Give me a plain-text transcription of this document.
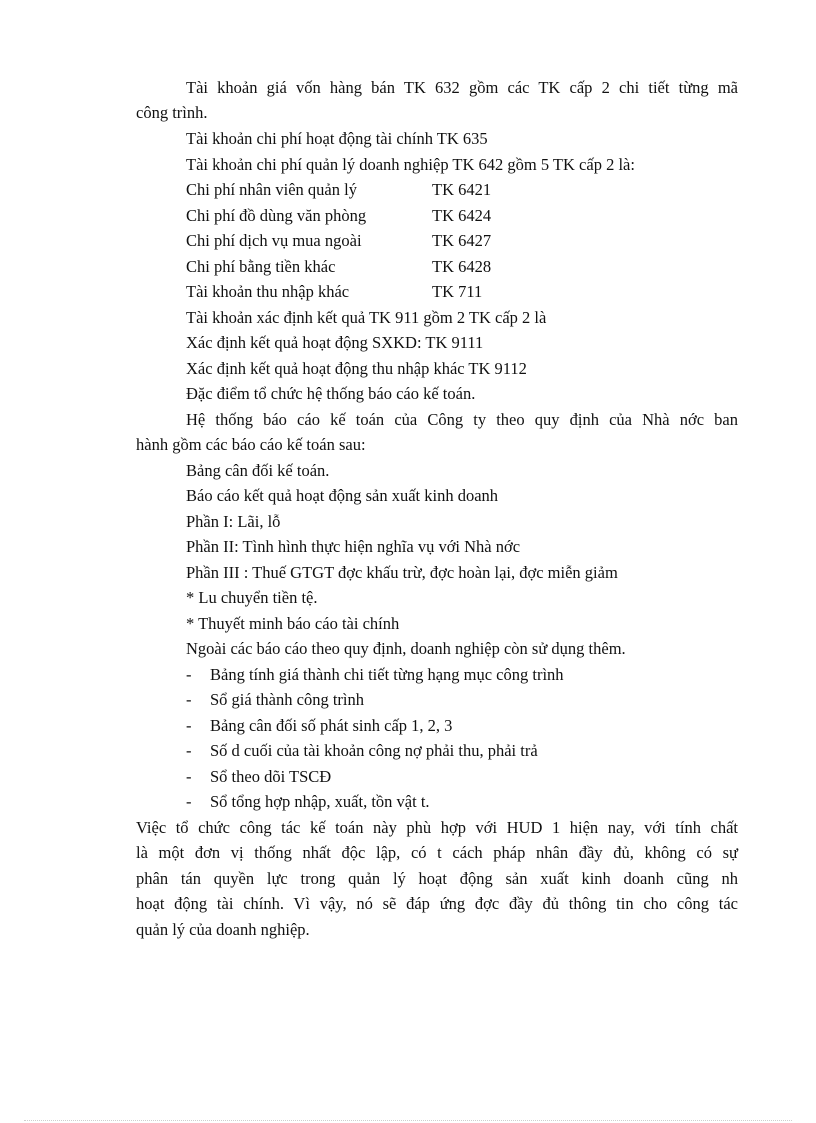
Tài khoản giá vốn hàng bán TK 632 gồm các TK cấp 2 chi tiết từng mã
công trình.
Tài khoản chi phí hoạt động tài chính TK 635
Tài khoản chi phí quản lý doanh nghiệp TK 642 gồm 5 TK cấp 2 là:
Chi phí nhân viên quản lý	TK 6421
Chi phí đồ dùng văn phòng	TK 6424
Chi phí dịch vụ mua ngoài	TK 6427
Chi phí bằng tiền khác	TK 6428
Tài khoản thu nhập khác	TK 711
Tài khoản xác định kết quả TK 911 gồm 2 TK cấp 2 là
Xác định kết quả hoạt động SXKD: TK 9111
Xác định kết quả hoạt động thu nhập khác TK 9112
Đặc điểm tổ chức hệ thống báo cáo kế toán.
Hệ thống báo cáo kế toán của Công ty theo quy định của Nhà nớc ban
hành gồm các báo cáo kế toán sau:
Bảng cân đối kế toán.
Báo cáo kết quả hoạt động sản xuất kinh doanh
Phần I: Lãi, lỗ
Phần II: Tình hình thực hiện nghĩa vụ với Nhà nớc
Phần III : Thuế GTGT đợc khấu trừ, đợc hoàn lại, đợc miễn giảm
* Lu chuyển tiền tệ.
* Thuyết minh báo cáo tài chính
Ngoài các báo cáo theo quy định, doanh nghiệp còn sử dụng thêm.
- Bảng tính giá thành chi tiết từng hạng mục công trình
- Sổ giá thành công trình
- Bảng cân đối số phát sinh cấp 1, 2, 3
- Số d cuối của tài khoản công nợ phải thu, phải trả
- Sổ theo dõi TSCĐ
- Sổ tổng hợp nhập, xuất, tồn vật t.
Việc tổ chức công tác kế toán này phù hợp với HUD 1 hiện nay, với tính chất
là một đơn vị thống nhất độc lập, có t cách pháp nhân đầy đủ, không có sự
phân tán quyền lực trong quản lý hoạt động sản xuất kinh doanh cũng nh
hoạt động tài chính. Vì vậy, nó sẽ đáp ứng đợc đầy đủ thông tin cho công tác
quản lý của doanh nghiệp.
